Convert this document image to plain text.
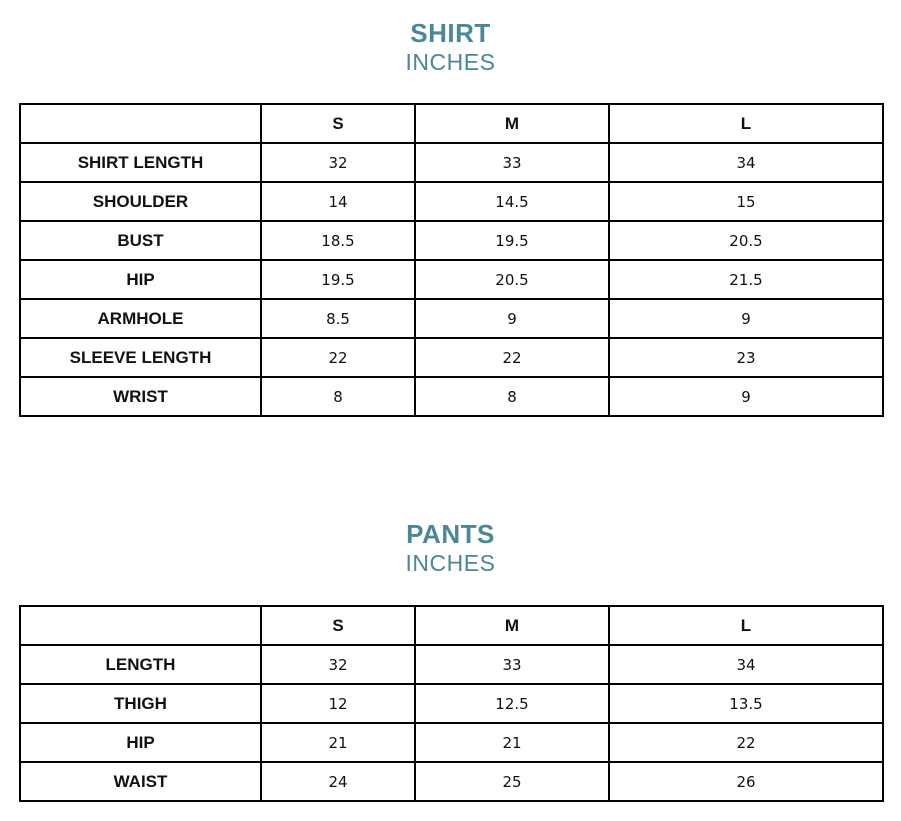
SHIRT
INCHES
	S	M	L
SHIRT LENGTH	32	33	34
SHOULDER	14	14.5	15
BUST	18.5	19.5	20.5
HIP	19.5	20.5	21.5
ARMHOLE	8.5	9	9
SLEEVE LENGTH	22	22	23
WRIST	8	8	9
PANTS
INCHES
	S	M	L
LENGTH	32	33	34
THIGH	12	12.5	13.5
HIP	21	21	22
WAIST	24	25	26
